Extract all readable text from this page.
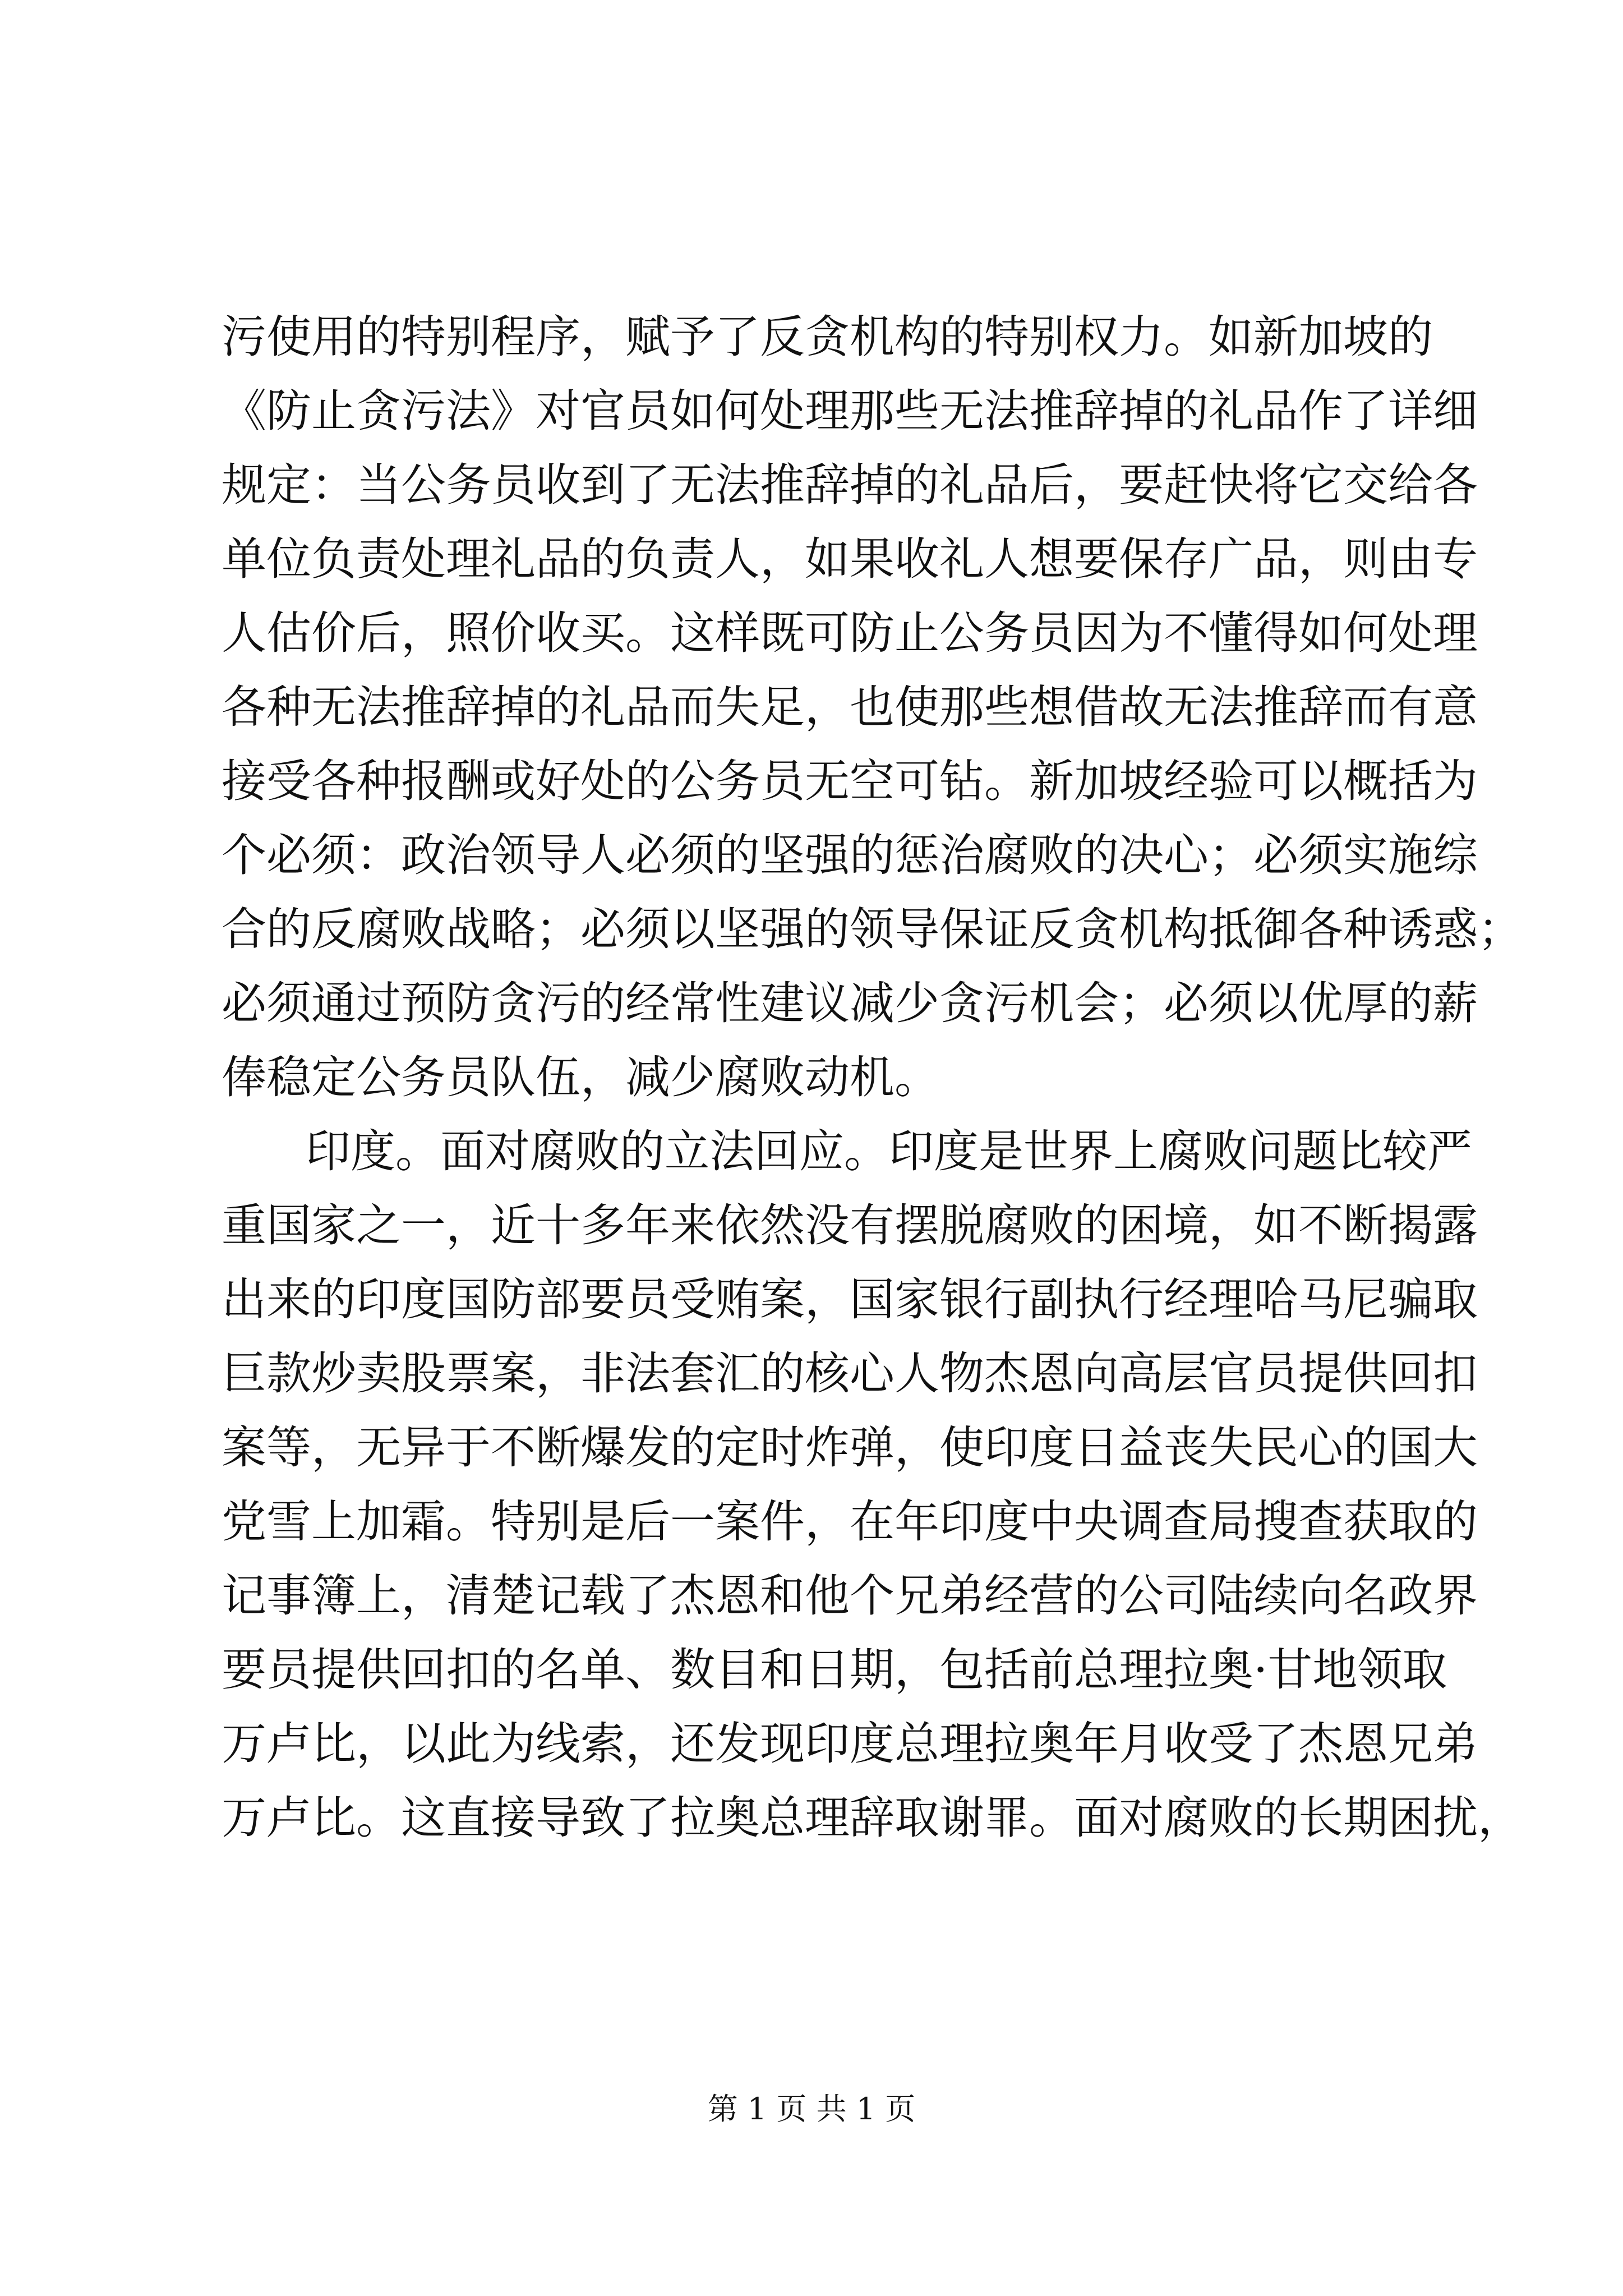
污使用的特别程序，赋予了反贪机构的特别权力。如新加坡的
《防止贪污法》对官员如何处理那些无法推辞掉的礼品作了详细
规定：当公务员收到了无法推辞掉的礼品后，要赶快将它交给各
单位负责处理礼品的负责人，如果收礼人想要保存广品，则由专
人估价后，照价收买。这样既可防止公务员因为不懂得如何处理
各种无法推辞掉的礼品而失足，也使那些想借故无法推辞而有意
接受各种报酬或好处的公务员无空可钻。新加坡经验可以概括为
个必须：政治领导人必须的坚强的惩治腐败的决心；必须实施综
合的反腐败战略；必须以坚强的领导保证反贪机构抵御各种诱惑；
必须通过预防贪污的经常性建议减少贪污机会；必须以优厚的薪
俸稳定公务员队伍，减少腐败动机。
印度。面对腐败的立法回应。印度是世界上腐败问题比较严
重国家之一，近十多年来依然没有摆脱腐败的困境，如不断揭露
出来的印度国防部要员受贿案，国家银行副执行经理哈马尼骗取
巨款炒卖股票案，非法套汇的核心人物杰恩向高层官员提供回扣
案等，无异于不断爆发的定时炸弹，使印度日益丧失民心的国大
党雪上加霜。特别是后一案件，在年印度中央调查局搜查获取的
记事簿上，清楚记载了杰恩和他个兄弟经营的公司陆续向名政界
要员提供回扣的名单、数目和日期，包括前总理拉奥·甘地领取
万卢比，以此为线索，还发现印度总理拉奥年月收受了杰恩兄弟
万卢比。这直接导致了拉奥总理辞取谢罪。面对腐败的长期困扰，
第 1 页 共 1 页
